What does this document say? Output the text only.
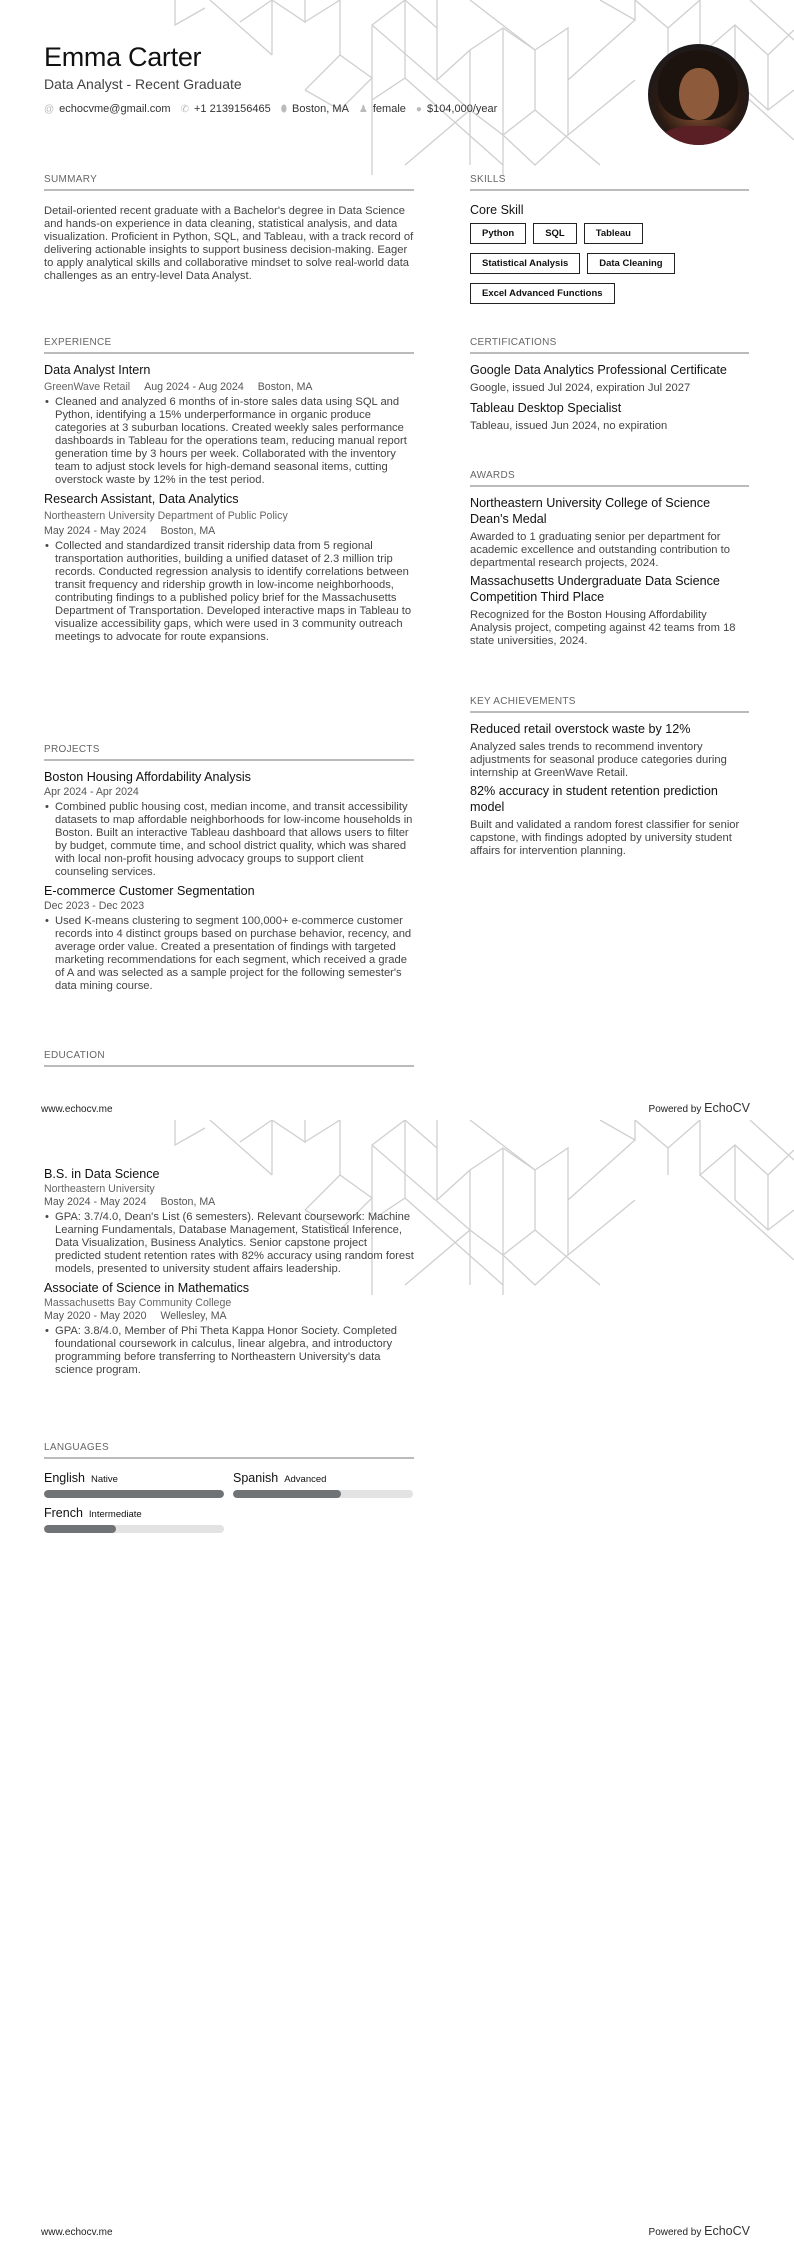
Emma Carter
Data Analyst - Recent Graduate
@ echocvme@gmail.com ✆ +1 2139156465 ⬮ Boston, MA ♟ female ● $104,000/year
SUMMARY

Detail-oriented recent graduate with a Bachelor's degree in Data Science and hands-on experience in data cleaning, statistical analysis, and data visualization. Proficient in Python, SQL, and Tableau, with a track record of delivering actionable insights to support business decision-making. Eager to apply analytical skills and collaborative mindset to solve real-world data challenges as an entry-level Data Analyst.

EXPERIENCE
Data Analyst Intern
GreenWave Retail Aug 2024 - Aug 2024 Boston, MA
• Cleaned and analyzed 6 months of in-store sales data using SQL and Python, identifying a 15% underperformance in organic produce categories at 3 suburban locations. Created weekly sales performance dashboards in Tableau for the operations team, reducing manual report generation time by 3 hours per week. Collaborated with the inventory team to adjust stock levels for high-demand seasonal items, cutting overstock waste by 12% in the test period.
Research Assistant, Data Analytics
Northeastern University Department of Public Policy
May 2024 - May 2024 Boston, MA
• Collected and standardized transit ridership data from 5 regional transportation authorities, building a unified dataset of 2.3 million trip records. Conducted regression analysis to identify correlations between transit frequency and ridership growth in low-income neighborhoods, contributing findings to a published policy brief for the Massachusetts Department of Transportation. Developed interactive maps in Tableau to visualize accessibility gaps, which were used in 3 community outreach meetings to advocate for route expansions.
PROJECTS
Boston Housing Affordability Analysis
Apr 2024 - Apr 2024
• Combined public housing cost, median income, and transit accessibility datasets to map affordable neighborhoods for low-income households in Boston. Built an interactive Tableau dashboard that allows users to filter by budget, commute time, and school district quality, which was shared with local non-profit housing advocacy groups to support client counseling services.
E-commerce Customer Segmentation
Dec 2023 - Dec 2023
• Used K-means clustering to segment 100,000+ e-commerce customer records into 4 distinct groups based on purchase behavior, recency, and average order value. Created a presentation of findings with targeted marketing recommendations for each segment, which received a grade of A and was selected as a sample project for the following semester's data mining course.
EDUCATION
www.echocv.me	Powered by EchoCV
B.S. in Data Science
Northeastern University
May 2024 - May 2024 Boston, MA
• GPA: 3.7/4.0, Dean's List (6 semesters). Relevant coursework: Machine Learning Fundamentals, Database Management, Statistical Inference, Data Visualization, Business Analytics. Senior capstone project predicted student retention rates with 82% accuracy using random forest models, presented to university student affairs leadership.
Associate of Science in Mathematics
Massachusetts Bay Community College
May 2020 - May 2020 Wellesley, MA
• GPA: 3.8/4.0, Member of Phi Theta Kappa Honor Society. Completed foundational coursework in calculus, linear algebra, and introductory programming before transferring to Northeastern University's data science program.
LANGUAGES
English Native	Spanish Advanced
French Intermediate
SKILLS
Core Skill
Python	SQL	Tableau
Statistical Analysis	Data Cleaning
Excel Advanced Functions
CERTIFICATIONS
Google Data Analytics Professional Certificate
Google, issued Jul 2024, expiration Jul 2027
Tableau Desktop Specialist
Tableau, issued Jun 2024, no expiration
AWARDS
Northeastern University College of Science Dean's Medal
Awarded to 1 graduating senior per department for academic excellence and outstanding contribution to departmental research projects, 2024.
Massachusetts Undergraduate Data Science Competition Third Place
Recognized for the Boston Housing Affordability Analysis project, competing against 42 teams from 18 state universities, 2024.
KEY ACHIEVEMENTS
Reduced retail overstock waste by 12%
Analyzed sales trends to recommend inventory adjustments for seasonal produce categories during internship at GreenWave Retail.
82% accuracy in student retention prediction model
Built and validated a random forest classifier for senior capstone, with findings adopted by university student affairs for intervention planning.
www.echocv.me	Powered by EchoCV
